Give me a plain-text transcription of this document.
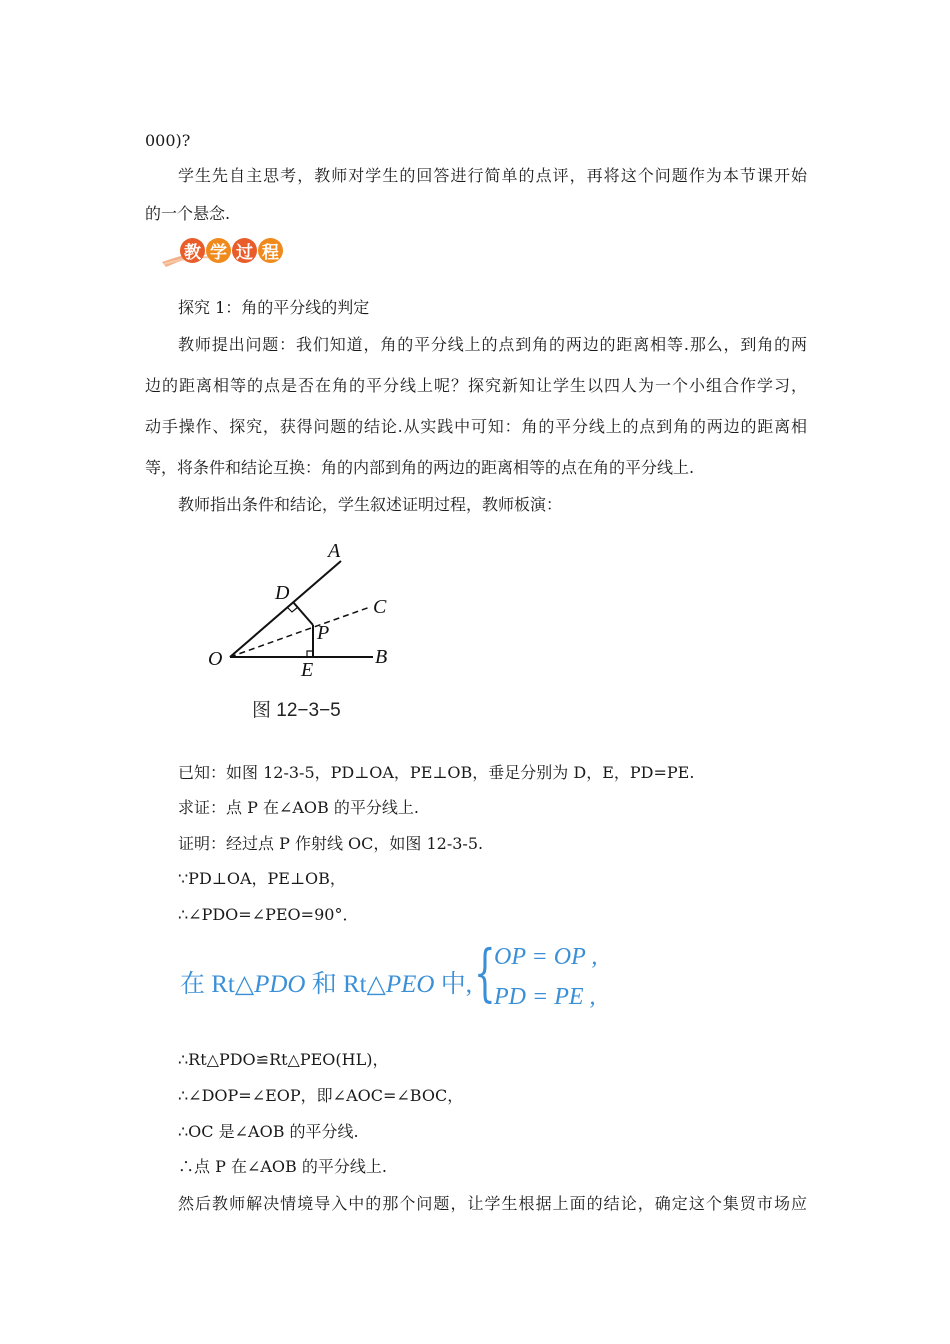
000)?
学生先自主思考，教师对学生的回答进行简单的点评，再将这个问题作为本节课开始
的一个悬念.
教 学 过 程
探究 1：角的平分线的判定
教师提出问题：我们知道，角的平分线上的点到角的两边的距离相等.那么，到角的两
边的距离相等的点是否在角的平分线上呢？探究新知让学生以四人为一个小组合作学习，
动手操作、探究，获得问题的结论.从实践中可知：角的平分线上的点到角的两边的距离相
等，将条件和结论互换：角的内部到角的两边的距离相等的点在角的平分线上.
教师指出条件和结论，学生叙述证明过程，教师板演：
A
C
D
P
O	E
B
图 12−3−5
已知：如图 12-3-5，PD⊥OA，PE⊥OB，垂足分别为 D，E，PD=PE.
求证：点 P 在∠AOB 的平分线上.
证明：经过点 P 作射线 OC，如图 12-3-5.
∵PD⊥OA，PE⊥OB，
∴∠PDO=∠PEO=90°．
在 Rt△PDO 和 Rt△PEO 中, {
OP = OP ,
PD = PE ,
∴Rt△PDO≌Rt△PEO(HL)，
∴∠DOP=∠EOP，即∠AOC=∠BOC，
∴OC 是∠AOB 的平分线.
∴点 P 在∠AOB 的平分线上.
然后教师解决情境导入中的那个问题，让学生根据上面的结论，确定这个集贸市场应
